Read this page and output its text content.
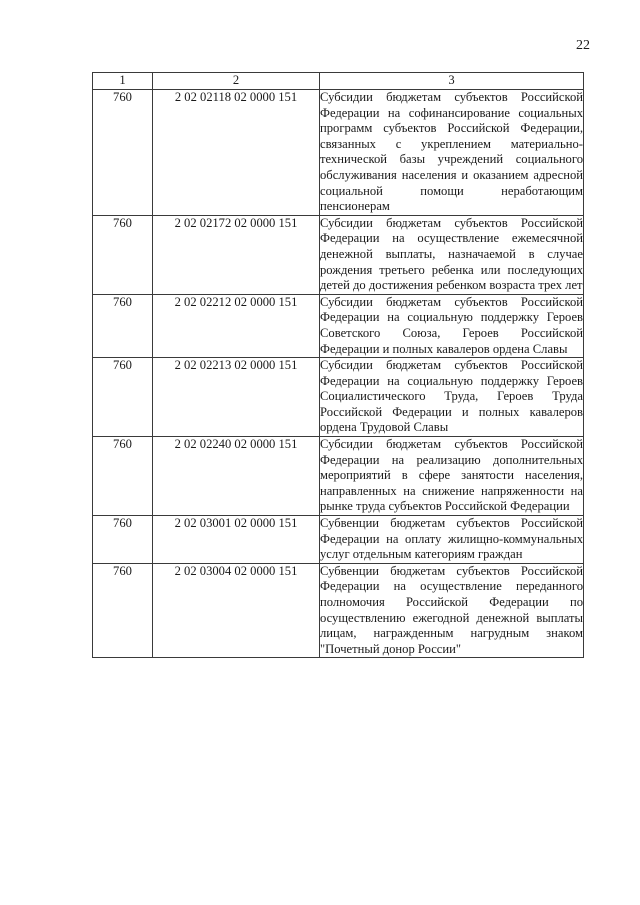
22
1	2	3
760	2 02 02118 02 0000 151	Субсидии бюджетам субъектов Российской Федерации на софинансирование социальных программ субъектов Российской Федерации, связанных с укреплением материально-технической базы учреждений социального обслуживания населения и оказанием адресной социальной помощи неработающим пенсионерам
760	2 02 02172 02 0000 151	Субсидии бюджетам субъектов Российской Федерации на осуществление ежемесячной денежной выплаты, назначаемой в случае рождения третьего ребенка или последующих детей до достижения ребенком возраста трех лет
760	2 02 02212 02 0000 151	Субсидии бюджетам субъектов Российской Федерации на социальную поддержку Героев Советского Союза, Героев Российской Федерации и полных кавалеров ордена Славы
760	2 02 02213 02 0000 151	Субсидии бюджетам субъектов Российской Федерации на социальную поддержку Героев Социалистического Труда, Героев Труда Российской Федерации и полных кавалеров ордена Трудовой Славы
760	2 02 02240 02 0000 151	Субсидии бюджетам субъектов Российской Федерации на реализацию дополнительных мероприятий в сфере занятости населения, направленных на снижение напряженности на рынке труда субъектов Российской Федерации
760	2 02 03001 02 0000 151	Субвенции бюджетам субъектов Российской Федерации на оплату жилищно-коммунальных услуг отдельным категориям граждан
760	2 02 03004 02 0000 151	Субвенции бюджетам субъектов Российской Федерации на осуществление переданного полномочия Российской Федерации по осуществлению ежегодной денежной выплаты лицам, награжденным нагрудным знаком "Почетный донор России"
